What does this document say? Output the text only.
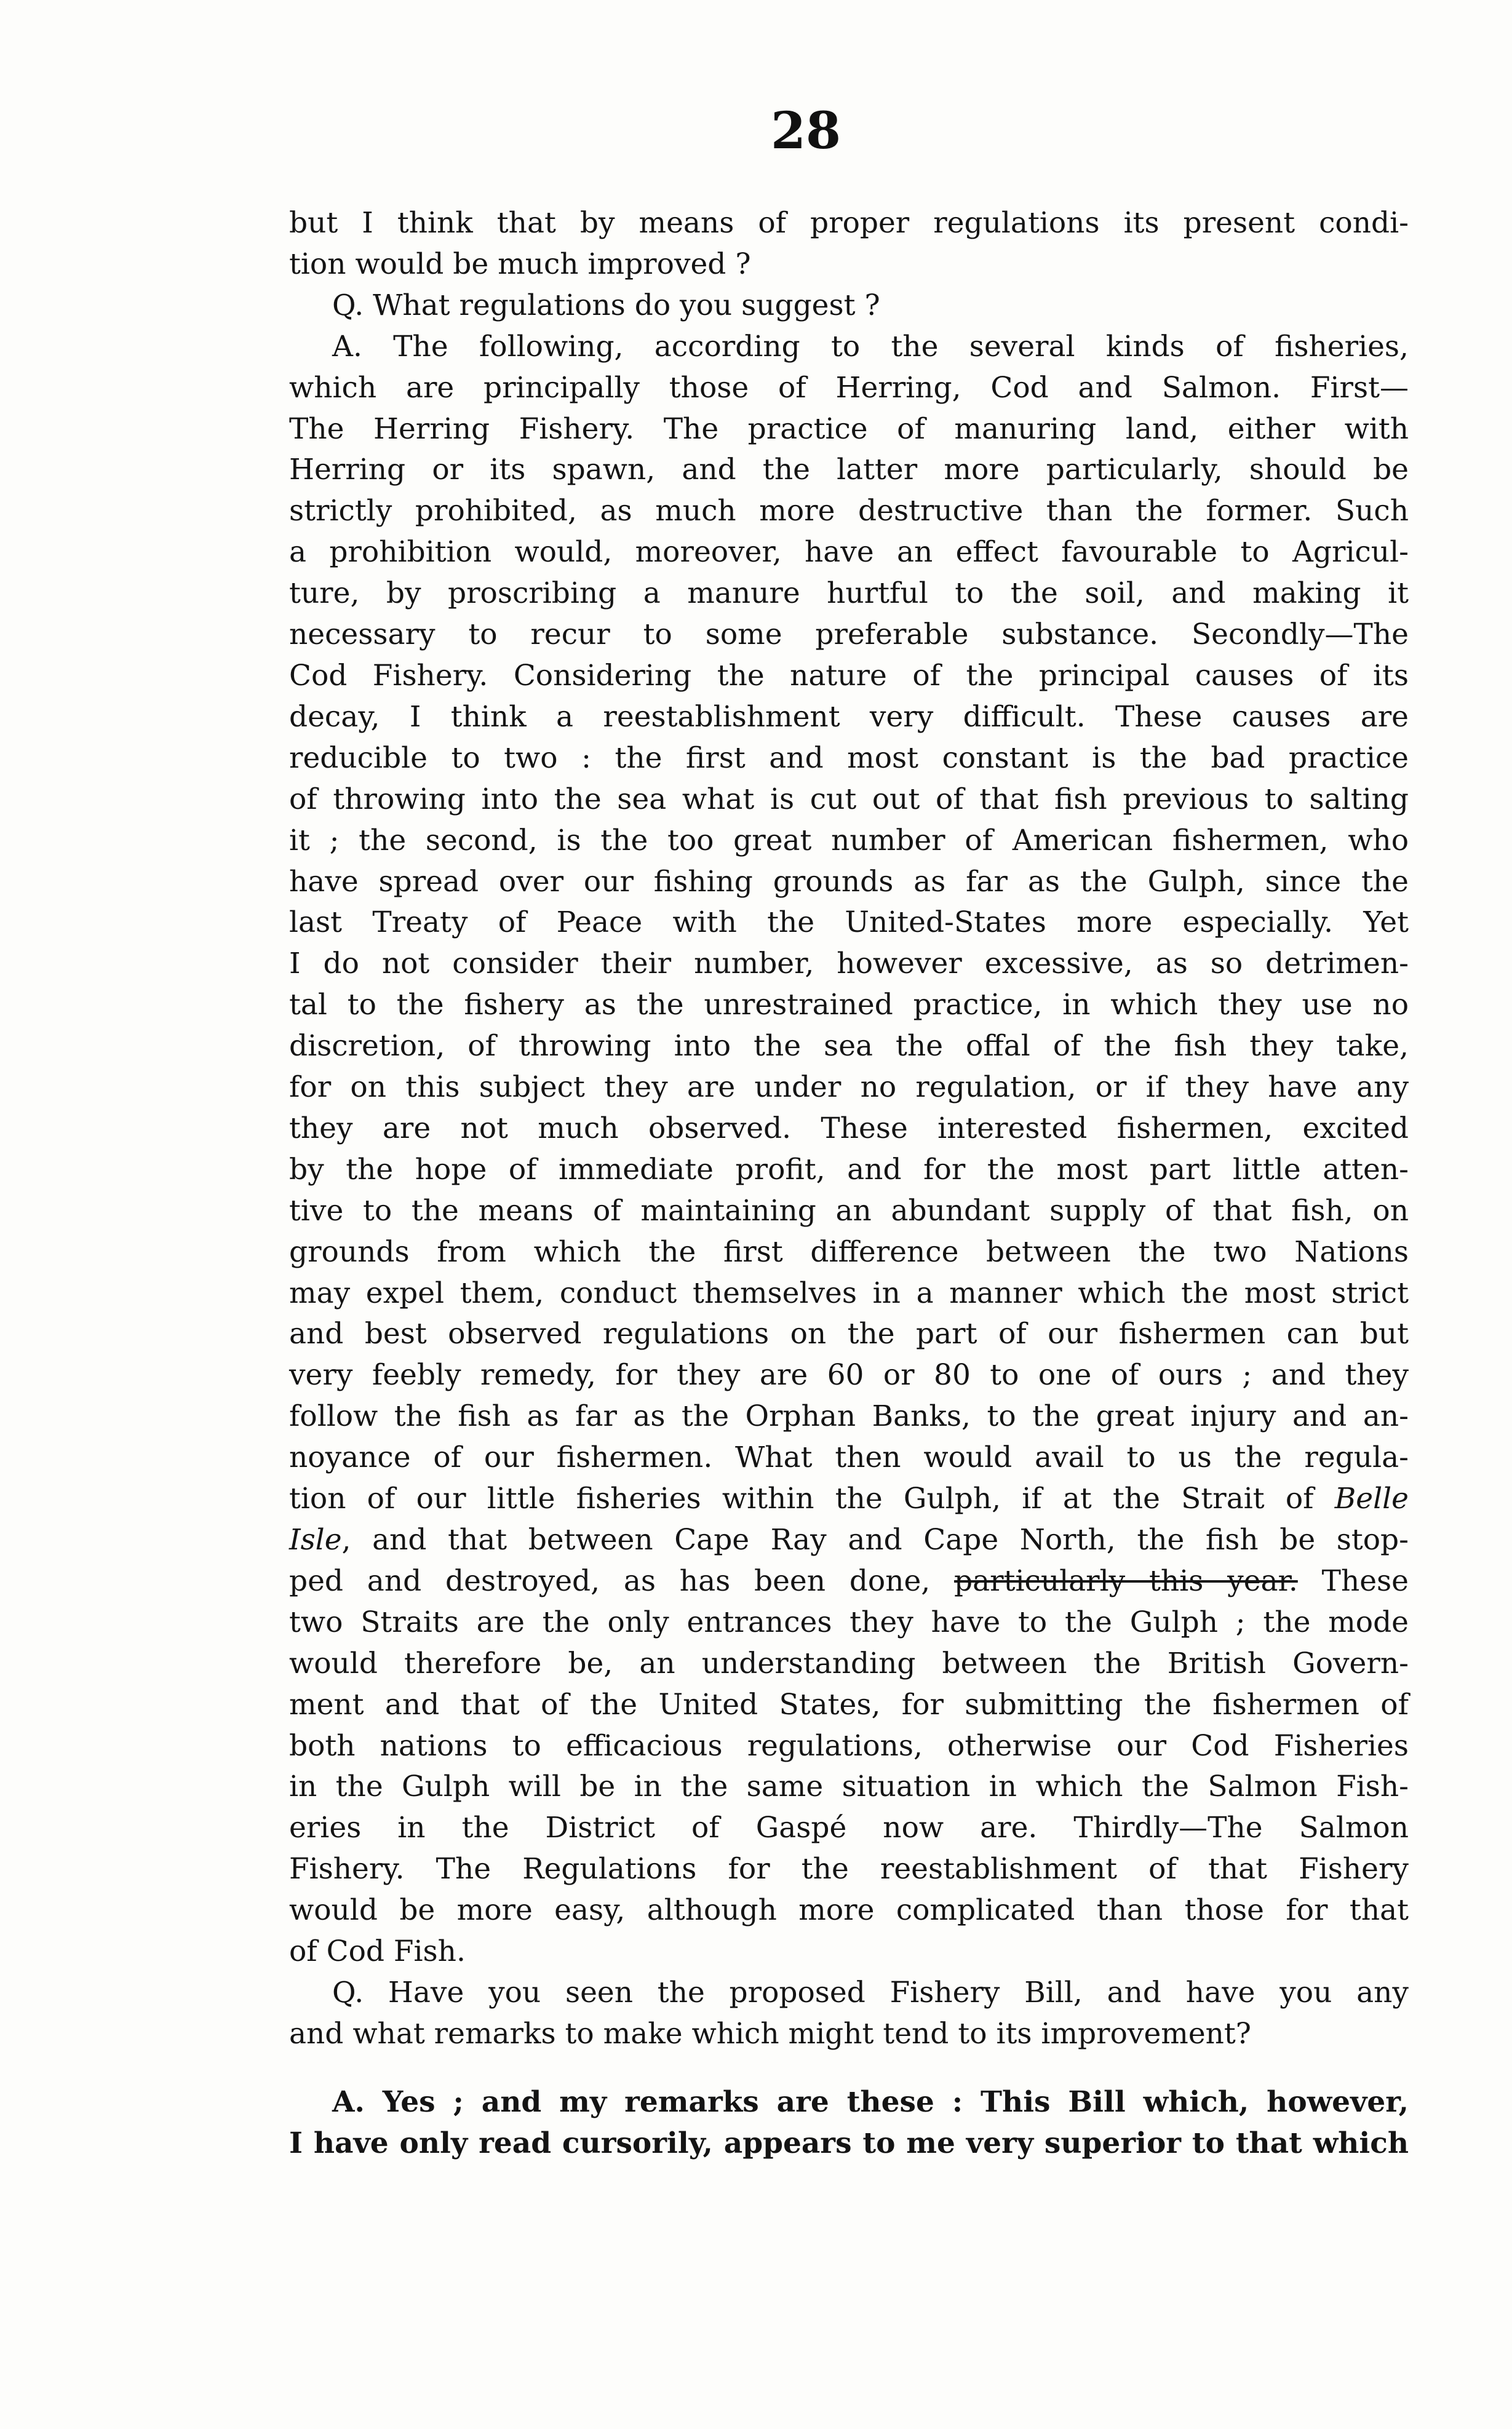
28
but I think that by means of proper regulations its present condi-
tion would be much improved ?
Q. What regulations do you suggest ?
A. The following, according to the several kinds of fisheries,
which are principally those of Herring, Cod and Salmon. First—
The Herring Fishery. The practice of manuring land, either with
Herring or its spawn, and the latter more particularly, should be
strictly prohibited, as much more destructive than the former. Such
a prohibition would, moreover, have an effect favourable to Agricul-
ture, by proscribing a manure hurtful to the soil, and making it
necessary to recur to some preferable substance. Secondly—The
Cod Fishery. Considering the nature of the principal causes of its
decay, I think a reestablishment very difficult. These causes are
reducible to two : the first and most constant is the bad practice
of throwing into the sea what is cut out of that fish previous to salting
it ; the second, is the too great number of American fishermen, who
have spread over our fishing grounds as far as the Gulph, since the
last Treaty of Peace with the United-States more especially. Yet
I do not consider their number, however excessive, as so detrimen-
tal to the fishery as the unrestrained practice, in which they use no
discretion, of throwing into the sea the offal of the fish they take,
for on this subject they are under no regulation, or if they have any
they are not much observed. These interested fishermen, excited
by the hope of immediate profit, and for the most part little atten-
tive to the means of maintaining an abundant supply of that fish, on
grounds from which the first difference between the two Nations
may expel them, conduct themselves in a manner which the most strict
and best observed regulations on the part of our fishermen can but
very feebly remedy, for they are 60 or 80 to one of ours ; and they
follow the fish as far as the Orphan Banks, to the great injury and an-
noyance of our fishermen. What then would avail to us the regula-
tion of our little fisheries within the Gulph, if at the Strait of Belle
Isle, and that between Cape Ray and Cape North, the fish be stop-
ped and destroyed, as has been done, particularly this year. These
two Straits are the only entrances they have to the Gulph ; the mode
would therefore be, an understanding between the British Govern-
ment and that of the United States, for submitting the fishermen of
both nations to efficacious regulations, otherwise our Cod Fisheries
in the Gulph will be in the same situation in which the Salmon Fish-
eries in the District of Gaspé now are. Thirdly—The Salmon
Fishery. The Regulations for the reestablishment of that Fishery
would be more easy, although more complicated than those for that
of Cod Fish.
Q. Have you seen the proposed Fishery Bill, and have you any
and what remarks to make which might tend to its improvement?
A. Yes ; and my remarks are these : This Bill which, however,
I have only read cursorily, appears to me very superior to that which
